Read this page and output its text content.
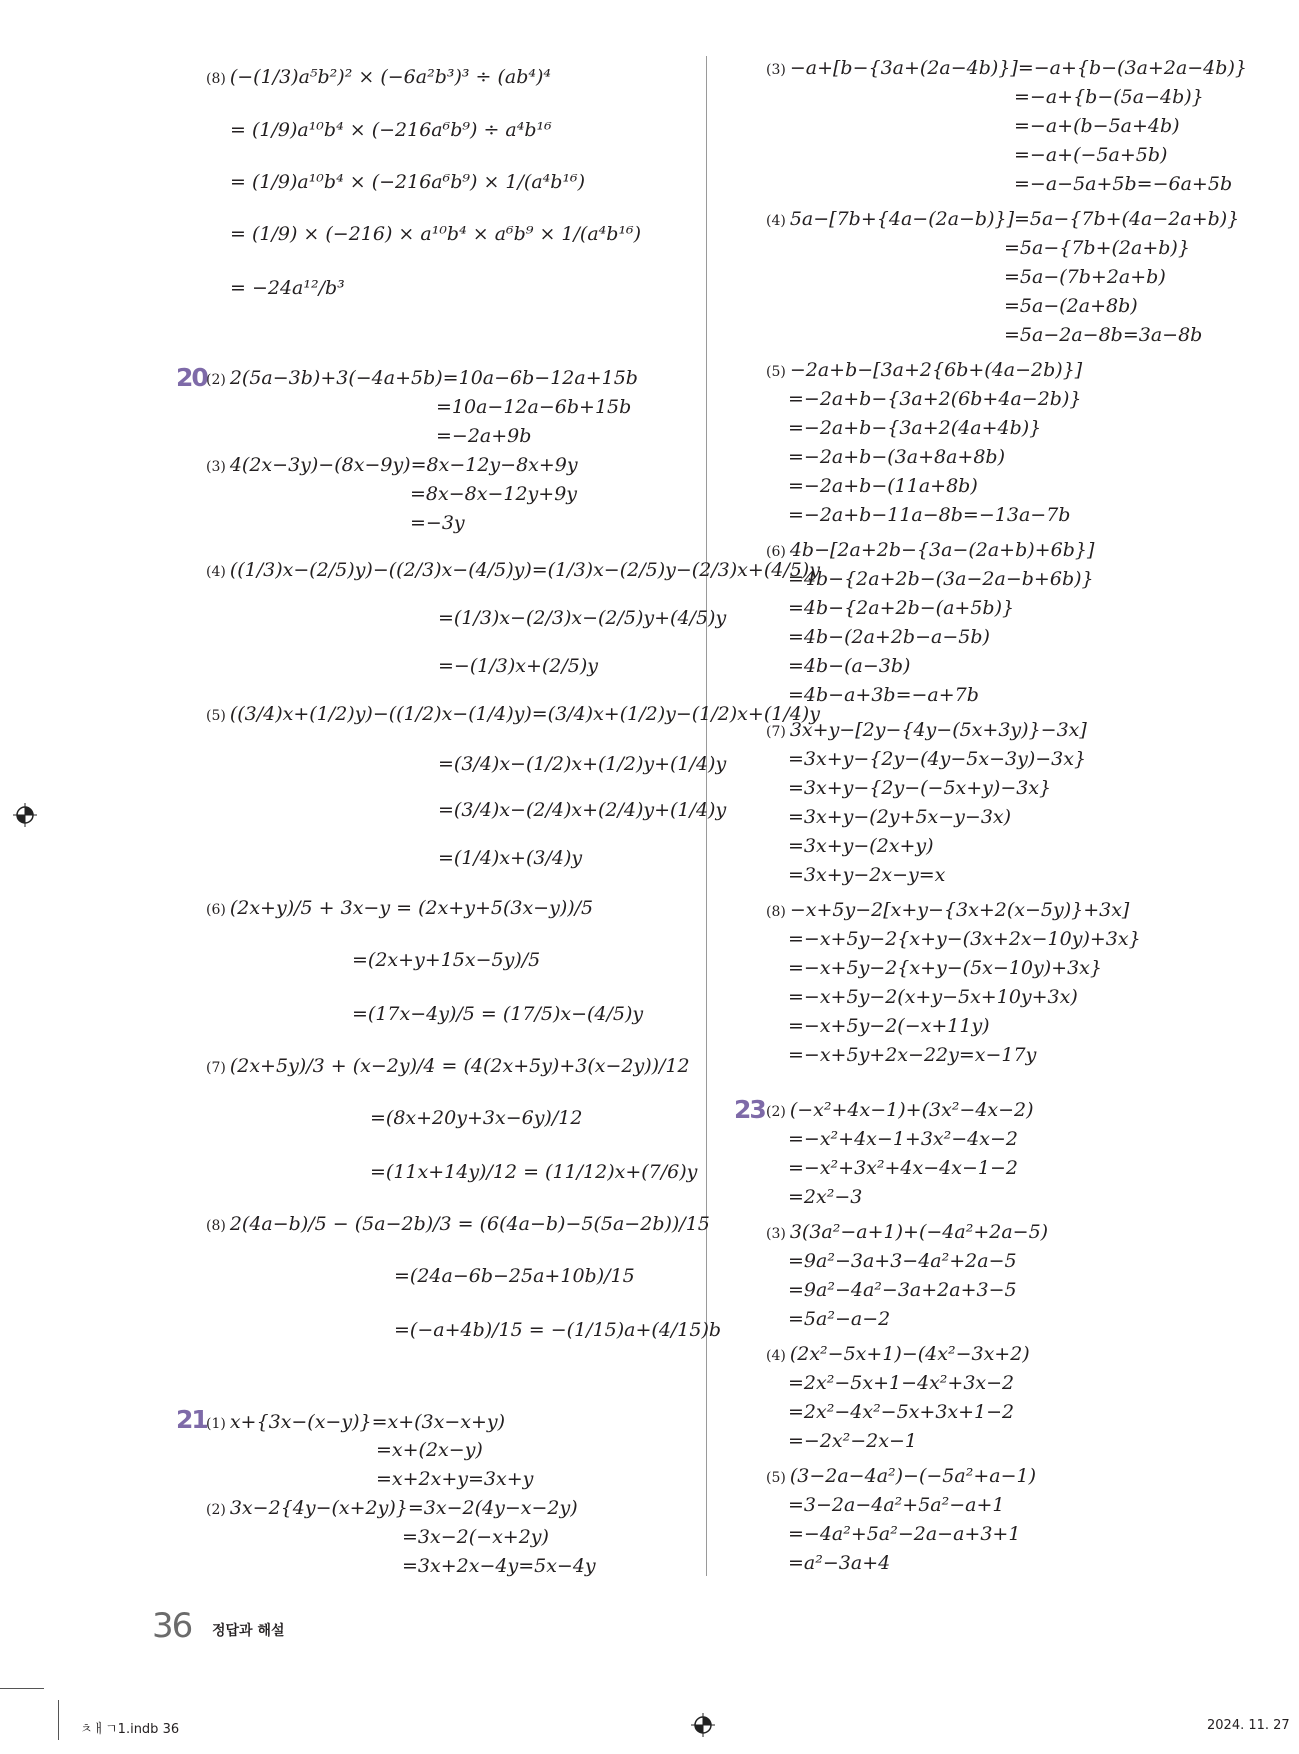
(8) (−(1/3)a⁵b²)² × (−6a²b³)³ ÷ (ab⁴)⁴
= (1/9)a¹⁰b⁴ × (−216a⁶b⁹) ÷ a⁴b¹⁶
= (1/9)a¹⁰b⁴ × (−216a⁶b⁹) × 1/(a⁴b¹⁶)
= (1/9) × (−216) × a¹⁰b⁴ × a⁶b⁹ × 1/(a⁴b¹⁶)
= −24a¹²/b³
(2) 2(5a−3b)+3(−4a+5b)=10a−6b−12a+15b
=10a−12a−6b+15b
=−2a+9b
(3) 4(2x−3y)−(8x−9y)=8x−12y−8x+9y
=8x−8x−12y+9y
=−3y
(4) ((1/3)x−(2/5)y)−((2/3)x−(4/5)y)=(1/3)x−(2/5)y−(2/3)x+(4/5)y
=(1/3)x−(2/3)x−(2/5)y+(4/5)y
=−(1/3)x+(2/5)y
(5) ((3/4)x+(1/2)y)−((1/2)x−(1/4)y)=(3/4)x+(1/2)y−(1/2)x+(1/4)y
=(3/4)x−(1/2)x+(1/2)y+(1/4)y
=(3/4)x−(2/4)x+(2/4)y+(1/4)y
=(1/4)x+(3/4)y
(6) (2x+y)/5 + 3x−y = (2x+y+5(3x−y))/5
=(2x+y+15x−5y)/5
=(17x−4y)/5 = (17/5)x−(4/5)y
(7) (2x+5y)/3 + (x−2y)/4 = (4(2x+5y)+3(x−2y))/12
=(8x+20y+3x−6y)/12
=(11x+14y)/12 = (11/12)x+(7/6)y
(8) 2(4a−b)/5 − (5a−2b)/3 = (6(4a−b)−5(5a−2b))/15
=(24a−6b−25a+10b)/15
=(−a+4b)/15 = −(1/15)a+(4/15)b
(1) x+{3x−(x−y)}=x+(3x−x+y)
=x+(2x−y)
=x+2x+y=3x+y
(2) 3x−2{4y−(x+2y)}=3x−2(4y−x−2y)
=3x−2(−x+2y)
=3x+2x−4y=5x−4y
(3) −a+[b−{3a+(2a−4b)}]=−a+{b−(3a+2a−4b)}
=−a+{b−(5a−4b)}
=−a+(b−5a+4b)
=−a+(−5a+5b)
=−a−5a+5b=−6a+5b
(4) 5a−[7b+{4a−(2a−b)}]=5a−{7b+(4a−2a+b)}
=5a−{7b+(2a+b)}
=5a−(7b+2a+b)
=5a−(2a+8b)
=5a−2a−8b=3a−8b
(5) −2a+b−[3a+2{6b+(4a−2b)}]
=−2a+b−{3a+2(6b+4a−2b)}
=−2a+b−{3a+2(4a+4b)}
=−2a+b−(3a+8a+8b)
=−2a+b−(11a+8b)
=−2a+b−11a−8b=−13a−7b
(6) 4b−[2a+2b−{3a−(2a+b)+6b}]
=4b−{2a+2b−(3a−2a−b+6b)}
=4b−{2a+2b−(a+5b)}
=4b−(2a+2b−a−5b)
=4b−(a−3b)
=4b−a+3b=−a+7b
(7) 3x+y−[2y−{4y−(5x+3y)}−3x]
=3x+y−{2y−(4y−5x−3y)−3x}
=3x+y−{2y−(−5x+y)−3x}
=3x+y−(2y+5x−y−3x)
=3x+y−(2x+y)
=3x+y−2x−y=x
(8) −x+5y−2[x+y−{3x+2(x−5y)}+3x]
=−x+5y−2{x+y−(3x+2x−10y)+3x}
=−x+5y−2{x+y−(5x−10y)+3x}
=−x+5y−2(x+y−5x+10y+3x)
=−x+5y−2(−x+11y)
=−x+5y+2x−22y=x−17y
(2) (−x²+4x−1)+(3x²−4x−2)
=−x²+4x−1+3x²−4x−2
=−x²+3x²+4x−4x−1−2
=2x²−3
(3) 3(3a²−a+1)+(−4a²+2a−5)
=9a²−3a+3−4a²+2a−5
=9a²−4a²−3a+2a+3−5
=5a²−a−2
(4) (2x²−5x+1)−(4x²−3x+2)
=2x²−5x+1−4x²+3x−2
=2x²−4x²−5x+3x+1−2
=−2x²−2x−1
(5) (3−2a−4a²)−(−5a²+a−1)
=3−2a−4a²+5a²−a+1
=−4a²+5a²−2a−a+3+1
=a²−3a+4
20
21
23
36 정답과 해설
ㅊㅐㄱ1.indb 36	2024. 11. 27
